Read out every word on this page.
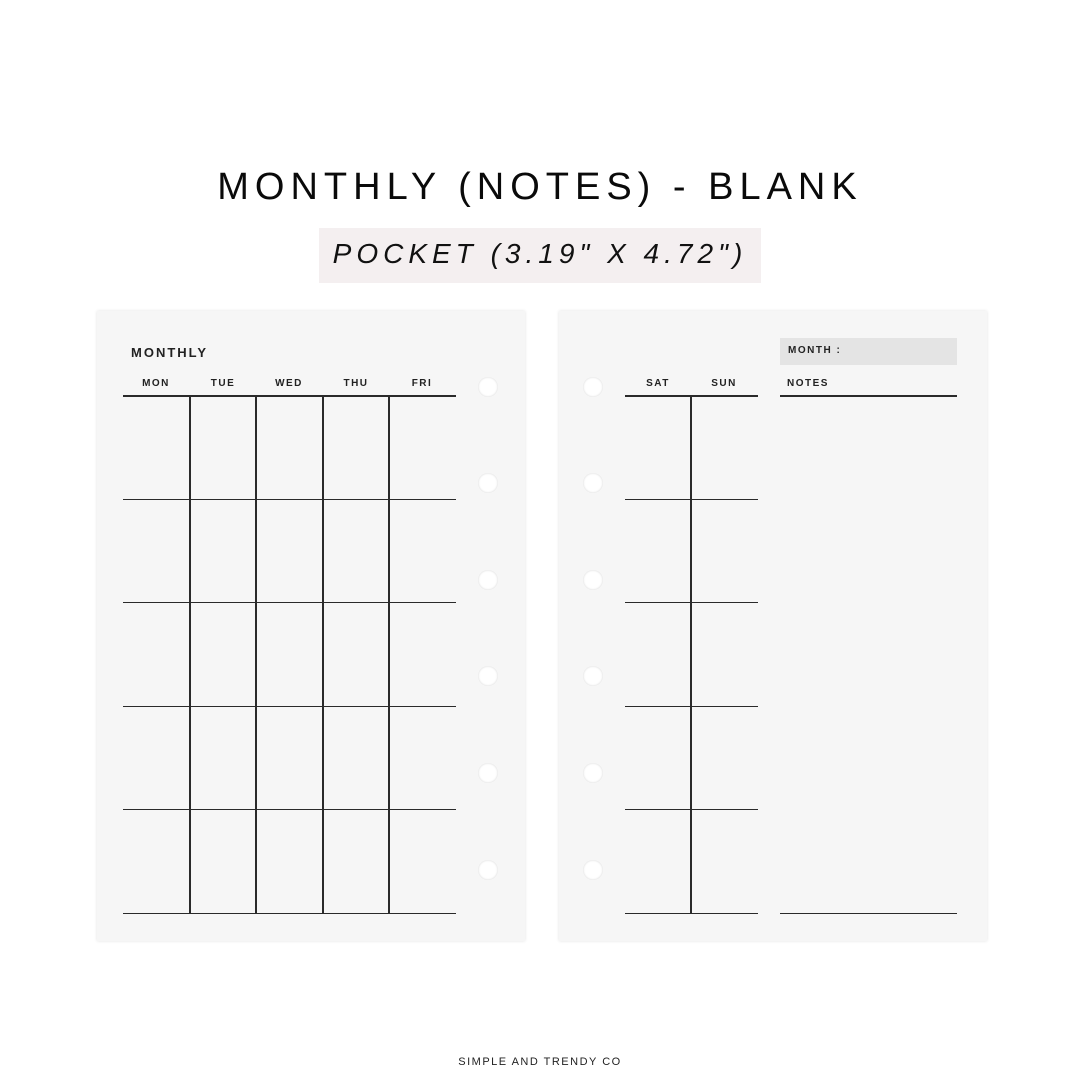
MONTHLY (NOTES) - BLANK
POCKET (3.19" X 4.72")
MONTHLY
MON	TUE	WED	THU	FRI
MONTH :
SAT	SUN	NOTES
SIMPLE AND TRENDY CO
